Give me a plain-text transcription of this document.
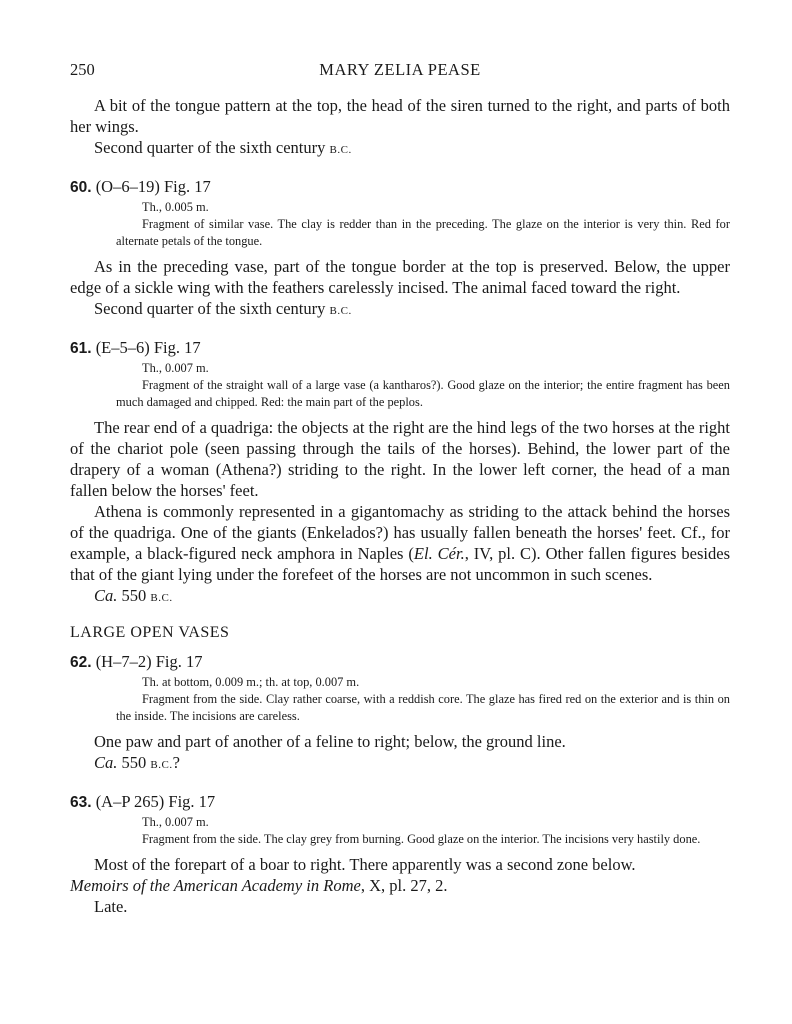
250	MARY ZELIA PEASE

A bit of the tongue pattern at the top, the head of the siren turned to the right, and parts of both her wings.

Second quarter of the sixth century B.C.

60. (O–6–19) Fig. 17

Th., 0.005 m.

Fragment of similar vase. The clay is redder than in the preceding. The glaze on the interior is very thin. Red for alternate petals of the tongue.

As in the preceding vase, part of the tongue border at the top is preserved. Below, the upper edge of a sickle wing with the feathers carelessly incised. The animal faced toward the right.

Second quarter of the sixth century B.C.

61. (E–5–6) Fig. 17

Th., 0.007 m.

Fragment of the straight wall of a large vase (a kantharos?). Good glaze on the interior; the entire fragment has been much damaged and chipped. Red: the main part of the peplos.

The rear end of a quadriga: the objects at the right are the hind legs of the two horses at the right of the chariot pole (seen passing through the tails of the horses). Behind, the lower part of the drapery of a woman (Athena?) striding to the right. In the lower left corner, the head of a man fallen below the horses' feet.

Athena is commonly represented in a gigantomachy as striding to the attack behind the horses of the quadriga. One of the giants (Enkelados?) has usually fallen beneath the horses' feet. Cf., for example, a black-figured neck amphora in Naples (El. Cér., IV, pl. C). Other fallen figures besides that of the giant lying under the forefeet of the horses are not uncommon in such scenes.

Ca. 550 B.C.

LARGE OPEN VASES

62. (H–7–2) Fig. 17

Th. at bottom, 0.009 m.; th. at top, 0.007 m.

Fragment from the side. Clay rather coarse, with a reddish core. The glaze has fired red on the exterior and is thin on the inside. The incisions are careless.

One paw and part of another of a feline to right; below, the ground line.

Ca. 550 B.C.?

63. (A–P 265) Fig. 17

Th., 0.007 m.

Fragment from the side. The clay grey from burning. Good glaze on the interior. The incisions very hastily done.

Most of the forepart of a boar to right. There apparently was a second zone below.

Memoirs of the American Academy in Rome, X, pl. 27, 2.

Late.
